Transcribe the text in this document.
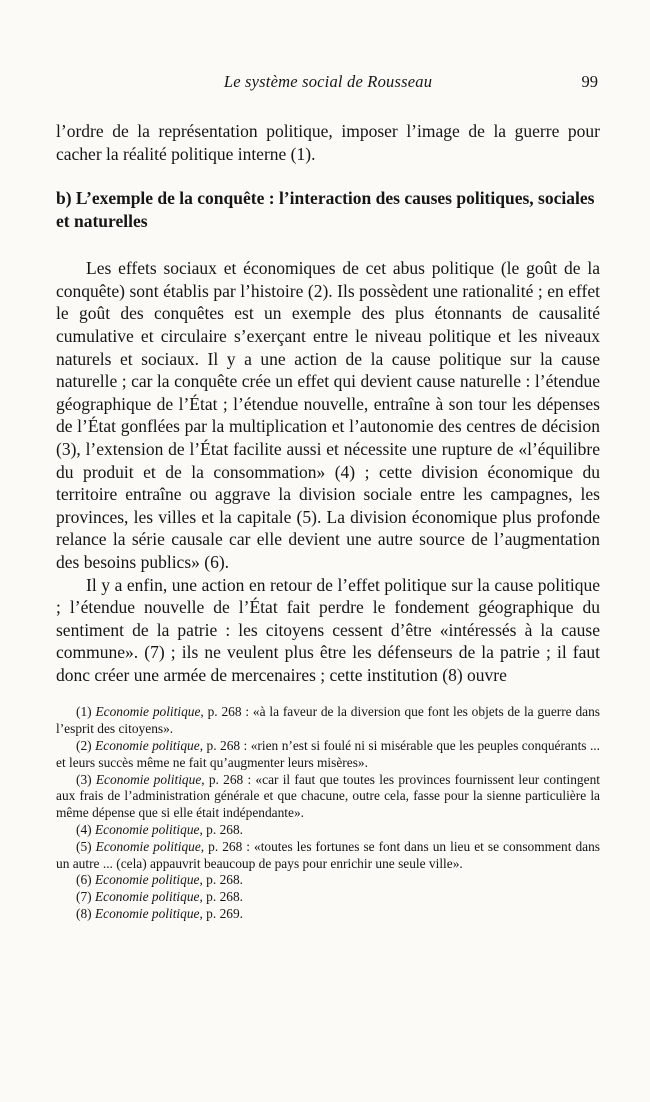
Le système social de Rousseau	99

l’ordre de la représentation politique, imposer l’image de la guerre pour cacher la réalité politique interne (1).

b) L’exemple de la conquête : l’interaction des causes politiques, sociales et naturelles

Les effets sociaux et économiques de cet abus politique (le goût de la conquête) sont établis par l’histoire (2). Ils possèdent une rationalité ; en effet le goût des conquêtes est un exemple des plus étonnants de causalité cumulative et circulaire s’exerçant entre le niveau politique et les niveaux naturels et sociaux. Il y a une action de la cause politique sur la cause naturelle ; car la conquête crée un effet qui devient cause naturelle : l’étendue géographique de l’État ; l’étendue nouvelle, entraîne à son tour les dépenses de l’État gonflées par la multiplication et l’autonomie des centres de décision (3), l’extension de l’État facilite aussi et nécessite une rupture de «l’équilibre du produit et de la consommation» (4) ; cette division économique du territoire entraîne ou aggrave la division sociale entre les campagnes, les provinces, les villes et la capitale (5). La division économique plus profonde relance la série causale car elle devient une autre source de l’augmentation des besoins publics» (6).

Il y a enfin, une action en retour de l’effet politique sur la cause politique ; l’étendue nouvelle de l’État fait perdre le fondement géographique du sentiment de la patrie : les citoyens cessent d’être «intéressés à la cause commune». (7) ; ils ne veulent plus être les défenseurs de la patrie ; il faut donc créer une armée de mercenaires ; cette institution (8) ouvre

(1) Economie politique, p. 268 : «à la faveur de la diversion que font les objets de la guerre dans l’esprit des citoyens».

(2) Economie politique, p. 268 : «rien n’est si foulé ni si misérable que les peuples conquérants ... et leurs succès même ne fait qu’augmenter leurs misères».

(3) Economie politique, p. 268 : «car il faut que toutes les provinces fournissent leur contingent aux frais de l’administration générale et que chacune, outre cela, fasse pour la sienne particulière la même dépense que si elle était indépendante».

(4) Economie politique, p. 268.

(5) Economie politique, p. 268 : «toutes les fortunes se font dans un lieu et se consomment dans un autre ... (cela) appauvrit beaucoup de pays pour enrichir une seule ville».

(6) Economie politique, p. 268.

(7) Economie politique, p. 268.

(8) Economie politique, p. 269.
